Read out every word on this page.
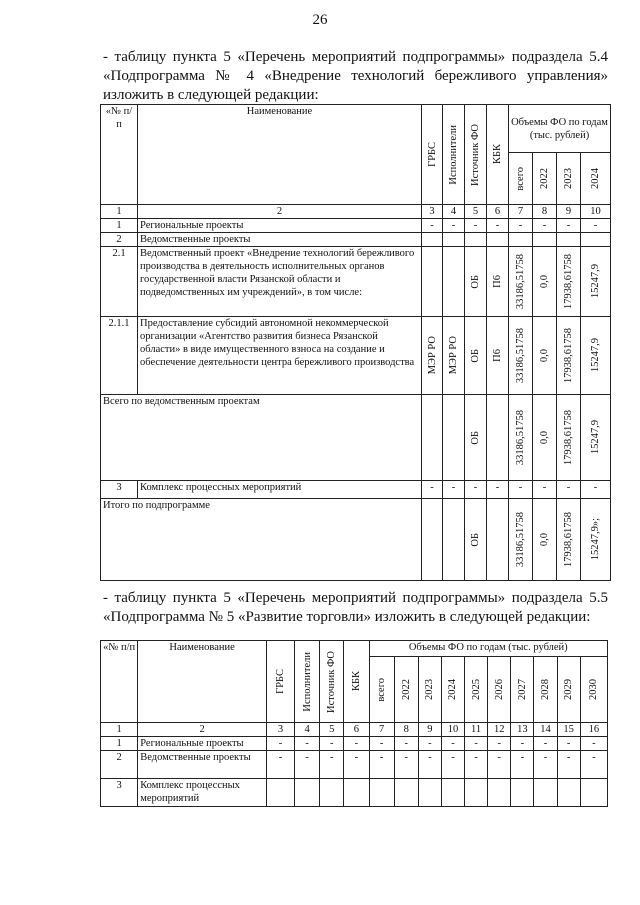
26
- таблицу пункта 5 «Перечень мероприятий подпрограммы» подраздела 5.4 «Подпрограмма № 4 «Внедрение технологий бережливого управления» изложить в следующей редакции:
«№ п/п	Наименование	ГРБС	Исполнители	Источник ФО	КБК	Объемы ФО по годам (тыс. рублей)			

						всего	2022	2023	2024

1	2	3	4	5	6	7	8	9	10
1	Региональные проекты	-	-	-	-	-	-	-	-
2	Ведомственные проекты								
2.1	Ведомственный проект «Внедрение технологий бережливого производства в деятельность исполнительных органов государственной власти Рязанской области и подведомственных им учреждений», в том числе:			ОБ	П6	33186,51758	0,0	17938,61758	15247,9

2.1.1	Предоставление субсидий автономной некоммерческой организации «Агентство развития бизнеса Рязанской области» в виде имущественного взноса на создание и обеспечение деятельности центра бережливого производства	МЭР РО	МЭР РО	ОБ	П6	33186,51758	0,0	17938,61758	15247,9

Всего по ведомственным проектам				ОБ		33186,51758	0,0	17938,61758	15247,9

3	Комплекс процессных мероприятий	-	-	-	-	-	-	-	-
Итого по подпрограмме				ОБ		33186,51758	0,0	17938,61758	15247,9»;
- таблицу пункта 5 «Перечень мероприятий подпрограммы» подраздела 5.5 «Подпрограмма № 5 «Развитие торговли» изложить в следующей редакции:
«№ п/п	Наименование	ГРБС	Исполнители	Источник ФО	КБК	Объемы ФО по годам (тыс. рублей)									

						всего	2022	2023	2024	2025	2026	2027	2028	2029	2030

1	2	3	4	5	6	7	8	9	10	11	12	13	14	15	16
1	Региональные проекты	-	-	-	-	-	-	-	-	-	-	-	-	-	-
2	Ведомственные проекты	-	-	-	-	-	-	-	-	-	-	-	-	-	-
3	Комплекс процессных мероприятий														
